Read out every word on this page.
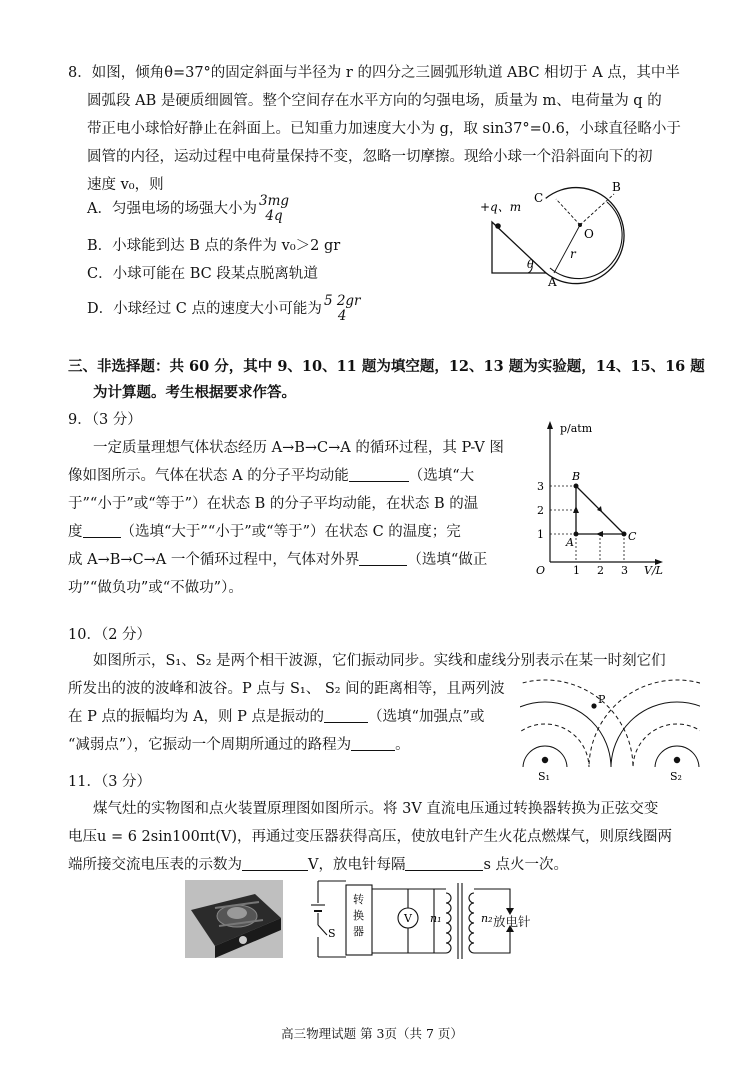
8．如图，倾角θ=37°的固定斜面与半径为 r 的四分之三圆弧形轨道 ABC 相切于 A 点，其中半
圆弧段 AB 是硬质细圆管。整个空间存在水平方向的匀强电场，质量为 m、电荷量为 q 的
带正电小球恰好静止在斜面上。已知重力加速度大小为 g，取 sin37°=0.6，小球直径略小于
圆管的内径，运动过程中电荷量保持不变，忽略一切摩擦。现给小球一个沿斜面向下的初
速度 v₀，则
A．匀强电场的场强大小为 3mg
4q
B．小球能到达 B 点的条件为 v₀＞2 gr
C．小球可能在 BC 段某点脱离轨道
D．小球经过 C 点的速度大小可能为 5 2gr
4
+q、m
θ
O
r
C
B
A
三、非选择题：共 60 分，其中 9、10、11 题为填空题，12、13 题为实验题，14、15、16 题
为计算题。考生根据要求作答。
9．（3 分）
一定质量理想气体状态经历 A→B→C→A 的循环过程，其 P-V 图
像如图所示。气体在状态 A 的分子平均动能	（选填“大
于”“小于”或“等于”）在状态 B 的分子平均动能，在状态 B 的温
度	（选填“大于”“小于”或“等于”）在状态 C 的温度；完
成 A→B→C→A 一个循环过程中，气体对外界	（选填“做正
功”“做负功”或“不做功”）。
p/atm
V/L
O
3
2
1
1 2 3
A
B
C
10．（2 分）
如图所示，S₁、S₂ 是两个相干波源，它们振动同步。实线和虚线分别表示在某一时刻它们
所发出的波的波峰和波谷。P 点与 S₁、 S₂ 间的距离相等，且两列波
在 P 点的振幅均为 A，则 P 点是振动的	（选填“加强点”或
“减弱点”），它振动一个周期所通过的路程为	。
P
S₁	S₂
11．（3 分）
煤气灶的实物图和点火装置原理图如图所示。将 3V 直流电压通过转换器转换为正弦交变
电压u = 6 2sin100πt(V)，再通过变压器获得高压，使放电针产生火花点燃煤气，则原线圈两
端所接交流电压表的示数为	V，放电针每隔	s 点火一次。
转换器
V
S
n₁	n₂ 放电针
高三物理试题 第 3页（共 7 页）
